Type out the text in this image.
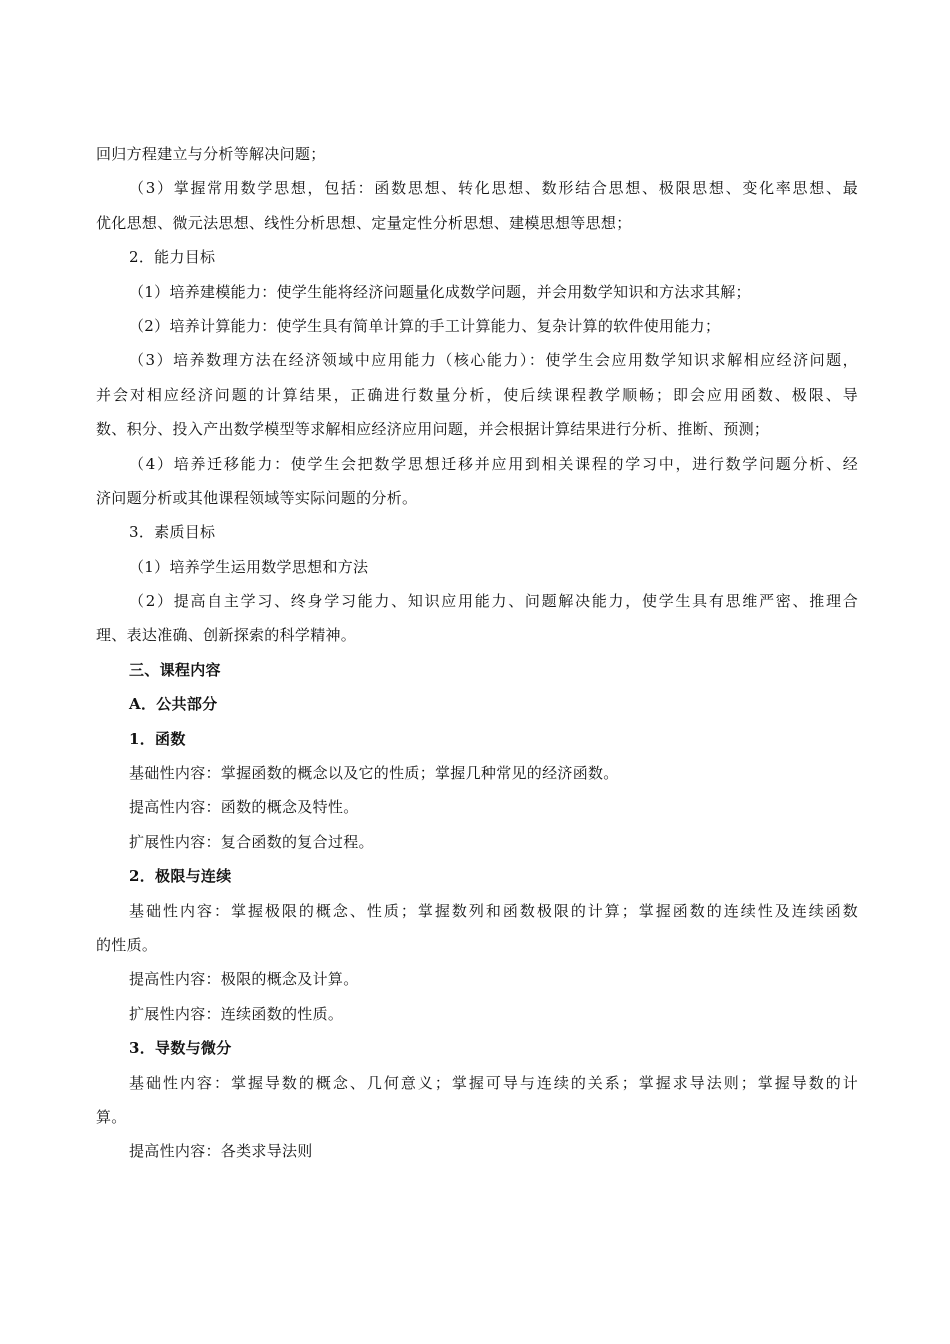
回归方程建立与分析等解决问题；
（3）掌握常用数学思想，包括：函数思想、转化思想、数形结合思想、极限思想、变化率思想、最
优化思想、微元法思想、线性分析思想、定量定性分析思想、建模思想等思想；
2．能力目标
（1）培养建模能力：使学生能将经济问题量化成数学问题，并会用数学知识和方法求其解；
（2）培养计算能力：使学生具有简单计算的手工计算能力、复杂计算的软件使用能力；
（3）培养数理方法在经济领域中应用能力（核心能力）：使学生会应用数学知识求解相应经济问题，
并会对相应经济问题的计算结果，正确进行数量分析，使后续课程教学顺畅；即会应用函数、极限、导
数、积分、投入产出数学模型等求解相应经济应用问题，并会根据计算结果进行分析、推断、预测；
（4）培养迁移能力：使学生会把数学思想迁移并应用到相关课程的学习中，进行数学问题分析、经
济问题分析或其他课程领域等实际问题的分析。
3．素质目标
（1）培养学生运用数学思想和方法
（2）提高自主学习、终身学习能力、知识应用能力、问题解决能力，使学生具有思维严密、推理合
理、表达准确、创新探索的科学精神。
三、课程内容
A．公共部分
1．函数
基础性内容：掌握函数的概念以及它的性质；掌握几种常见的经济函数。
提高性内容：函数的概念及特性。
扩展性内容：复合函数的复合过程。
2．极限与连续
基础性内容：掌握极限的概念、性质；掌握数列和函数极限的计算；掌握函数的连续性及连续函数
的性质。
提高性内容：极限的概念及计算。
扩展性内容：连续函数的性质。
3．导数与微分
基础性内容：掌握导数的概念、几何意义；掌握可导与连续的关系；掌握求导法则；掌握导数的计
算。
提高性内容：各类求导法则
